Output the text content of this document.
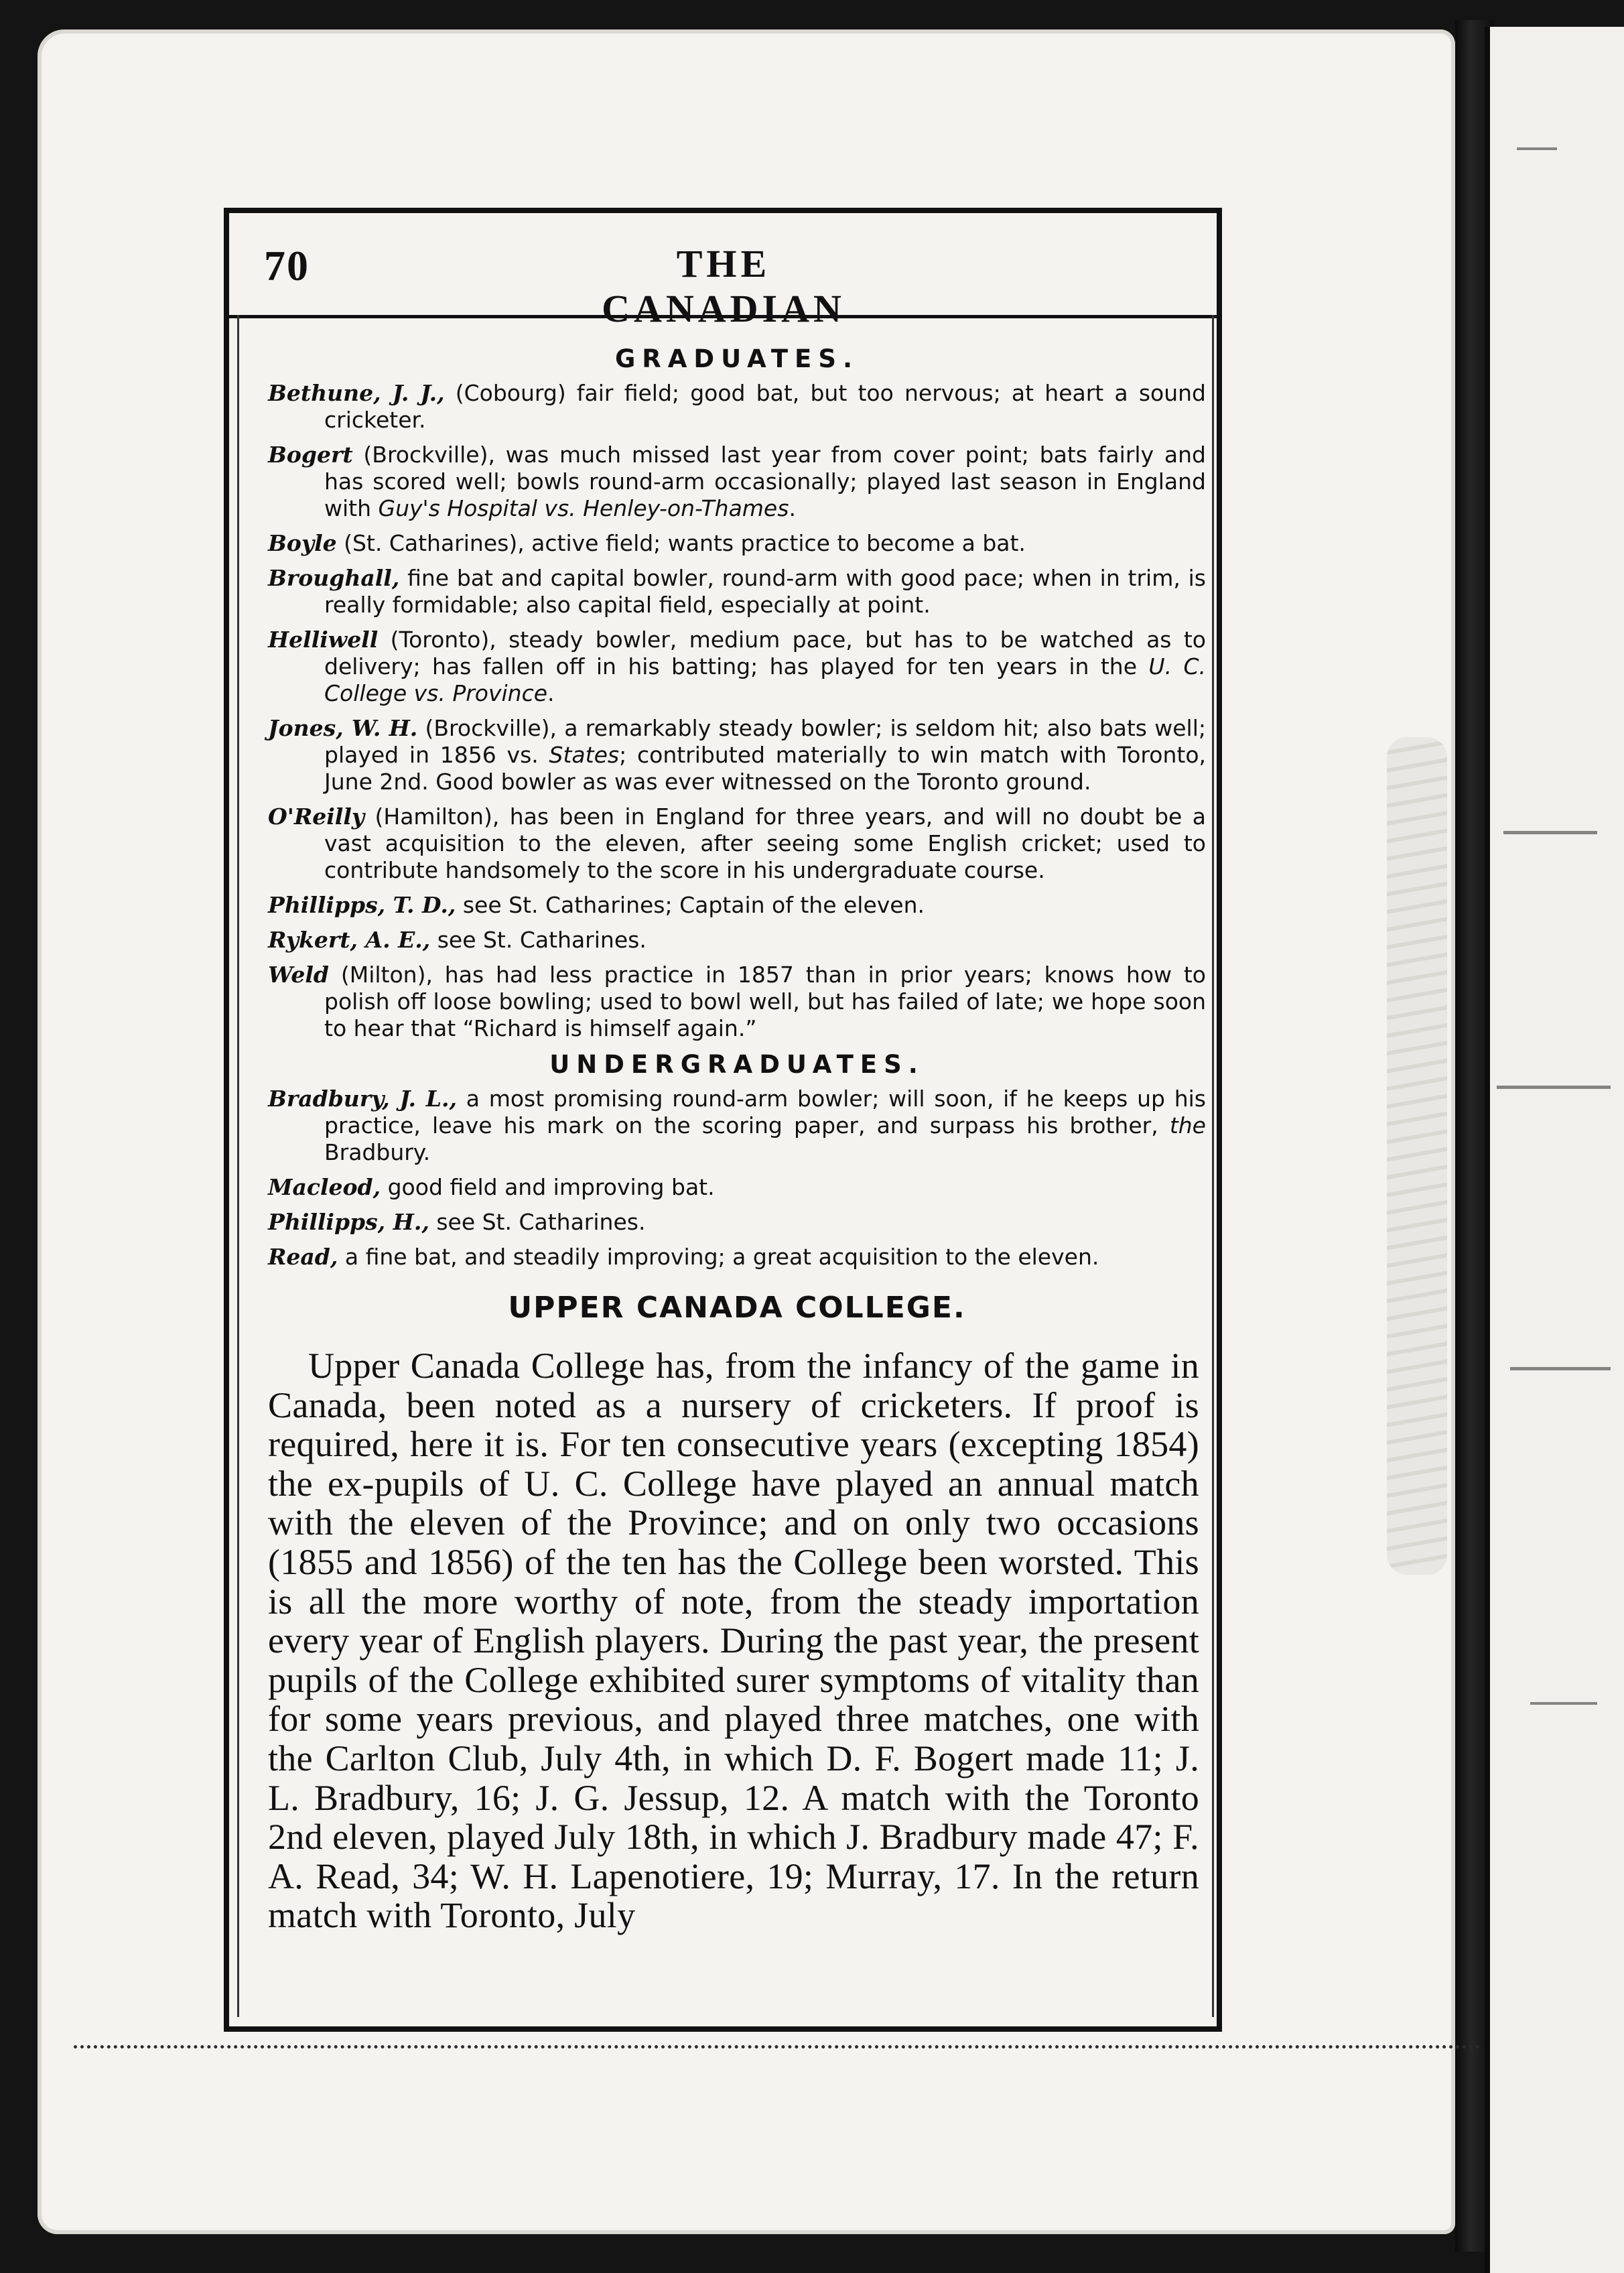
70	THE CANADIAN
GRADUATES.

Bethune, J. J., (Cobourg) fair field; good bat, but too nervous; at heart a sound cricketer.

Bogert (Brockville), was much missed last year from cover point; bats fairly and has scored well; bowls round-arm occasionally; played last season in England with Guy's Hospital vs. Henley-on-Thames.

Boyle (St. Catharines), active field; wants practice to become a bat.

Broughall, fine bat and capital bowler, round-arm with good pace; when in trim, is really formidable; also capital field, especially at point.

Helliwell (Toronto), steady bowler, medium pace, but has to be watched as to delivery; has fallen off in his batting; has played for ten years in the U. C. College vs. Province.

Jones, W. H. (Brockville), a remarkably steady bowler; is seldom hit; also bats well; played in 1856 vs. States; contributed materially to win match with Toronto, June 2nd. Good bowler as was ever witnessed on the Toronto ground.

O'Reilly (Hamilton), has been in England for three years, and will no doubt be a vast acquisition to the eleven, after seeing some English cricket; used to contribute handsomely to the score in his undergraduate course.

Phillipps, T. D., see St. Catharines; Captain of the eleven.

Rykert, A. E., see St. Catharines.

Weld (Milton), has had less practice in 1857 than in prior years; knows how to polish off loose bowling; used to bowl well, but has failed of late; we hope soon to hear that “Richard is himself again.”

UNDERGRADUATES.

Bradbury, J. L., a most promising round-arm bowler; will soon, if he keeps up his practice, leave his mark on the scoring paper, and surpass his brother, the Bradbury.

Macleod, good field and improving bat.

Phillipps, H., see St. Catharines.

Read, a fine bat, and steadily improving; a great acquisition to the eleven.

UPPER CANADA COLLEGE.

Upper Canada College has, from the infancy of the game in Canada, been noted as a nursery of cricketers. If proof is required, here it is. For ten consecutive years (excepting 1854) the ex-pupils of U. C. College have played an annual match with the eleven of the Province; and on only two occasions (1855 and 1856) of the ten has the College been worsted. This is all the more worthy of note, from the steady importation every year of English players. During the past year, the present pupils of the College exhibited surer symptoms of vitality than for some years previous, and played three matches, one with the Carlton Club, July 4th, in which D. F. Bogert made 11; J. L. Bradbury, 16; J. G. Jessup, 12. A match with the Toronto 2nd eleven, played July 18th, in which J. Bradbury made 47; F. A. Read, 34; W. H. Lapenotiere, 19; Murray, 17. In the return match with Toronto, July
